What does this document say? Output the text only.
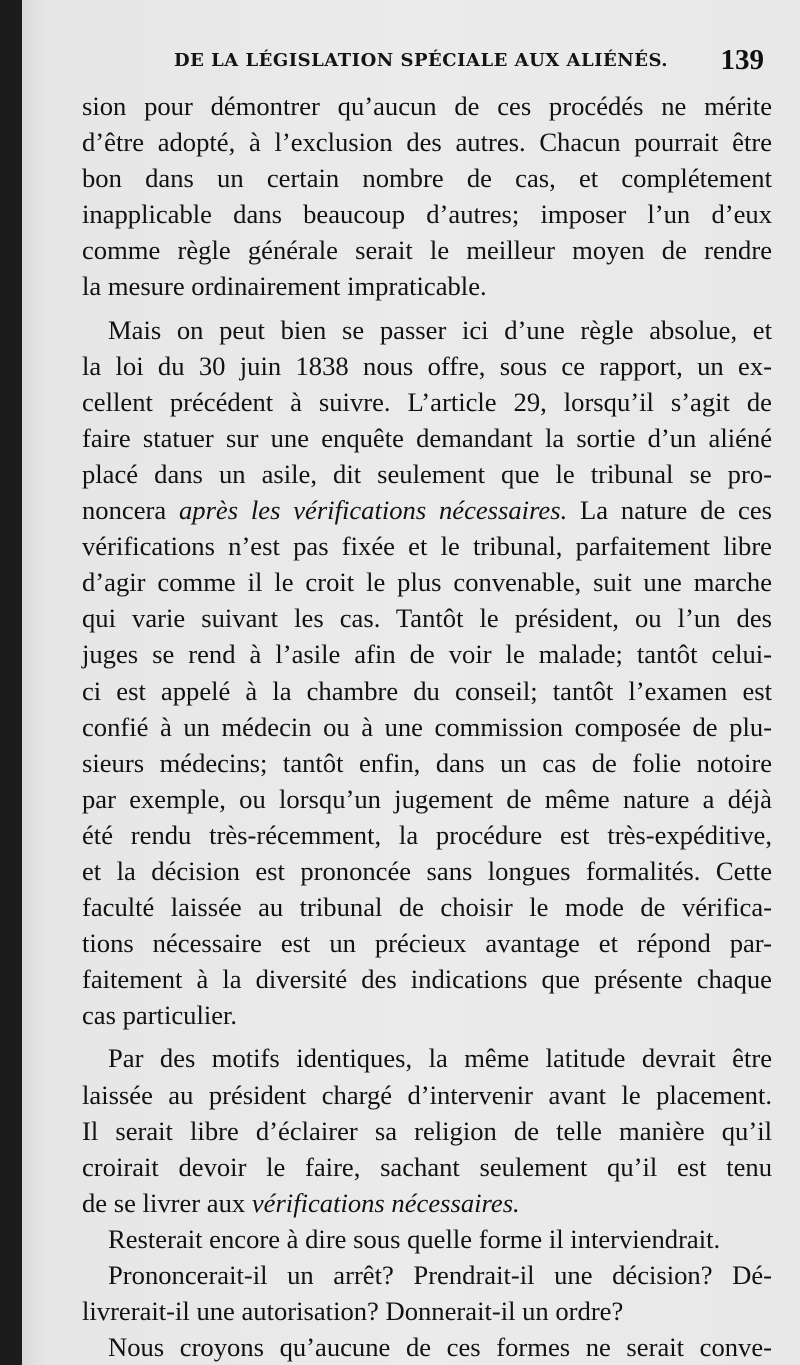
DE LA LÉGISLATION SPÉCIALE AUX ALIÉNÉS. 139
sion pour démontrer qu’aucun de ces procédés ne mérite
d’être adopté, à l’exclusion des autres. Chacun pourrait être
bon dans un certain nombre de cas, et complétement
inapplicable dans beaucoup d’autres; imposer l’un d’eux
comme règle générale serait le meilleur moyen de rendre
la mesure ordinairement impraticable.
Mais on peut bien se passer ici d’une règle absolue, et
la loi du 30 juin 1838 nous offre, sous ce rapport, un ex-
cellent précédent à suivre. L’article 29, lorsqu’il s’agit de
faire statuer sur une enquête demandant la sortie d’un aliéné
placé dans un asile, dit seulement que le tribunal se pro-
noncera après les vérifications nécessaires. La nature de ces
vérifications n’est pas fixée et le tribunal, parfaitement libre
d’agir comme il le croit le plus convenable, suit une marche
qui varie suivant les cas. Tantôt le président, ou l’un des
juges se rend à l’asile afin de voir le malade; tantôt celui-
ci est appelé à la chambre du conseil; tantôt l’examen est
confié à un médecin ou à une commission composée de plu-
sieurs médecins; tantôt enfin, dans un cas de folie notoire
par exemple, ou lorsqu’un jugement de même nature a déjà
été rendu très-récemment, la procédure est très-expéditive,
et la décision est prononcée sans longues formalités. Cette
faculté laissée au tribunal de choisir le mode de vérifica-
tions nécessaire est un précieux avantage et répond par-
faitement à la diversité des indications que présente chaque
cas particulier.
Par des motifs identiques, la même latitude devrait être
laissée au président chargé d’intervenir avant le placement.
Il serait libre d’éclairer sa religion de telle manière qu’il
croirait devoir le faire, sachant seulement qu’il est tenu
de se livrer aux vérifications nécessaires.
Resterait encore à dire sous quelle forme il interviendrait.
Prononcerait-il un arrêt? Prendrait-il une décision? Dé-
livrerait-il une autorisation? Donnerait-il un ordre?
Nous croyons qu’aucune de ces formes ne serait conve-
